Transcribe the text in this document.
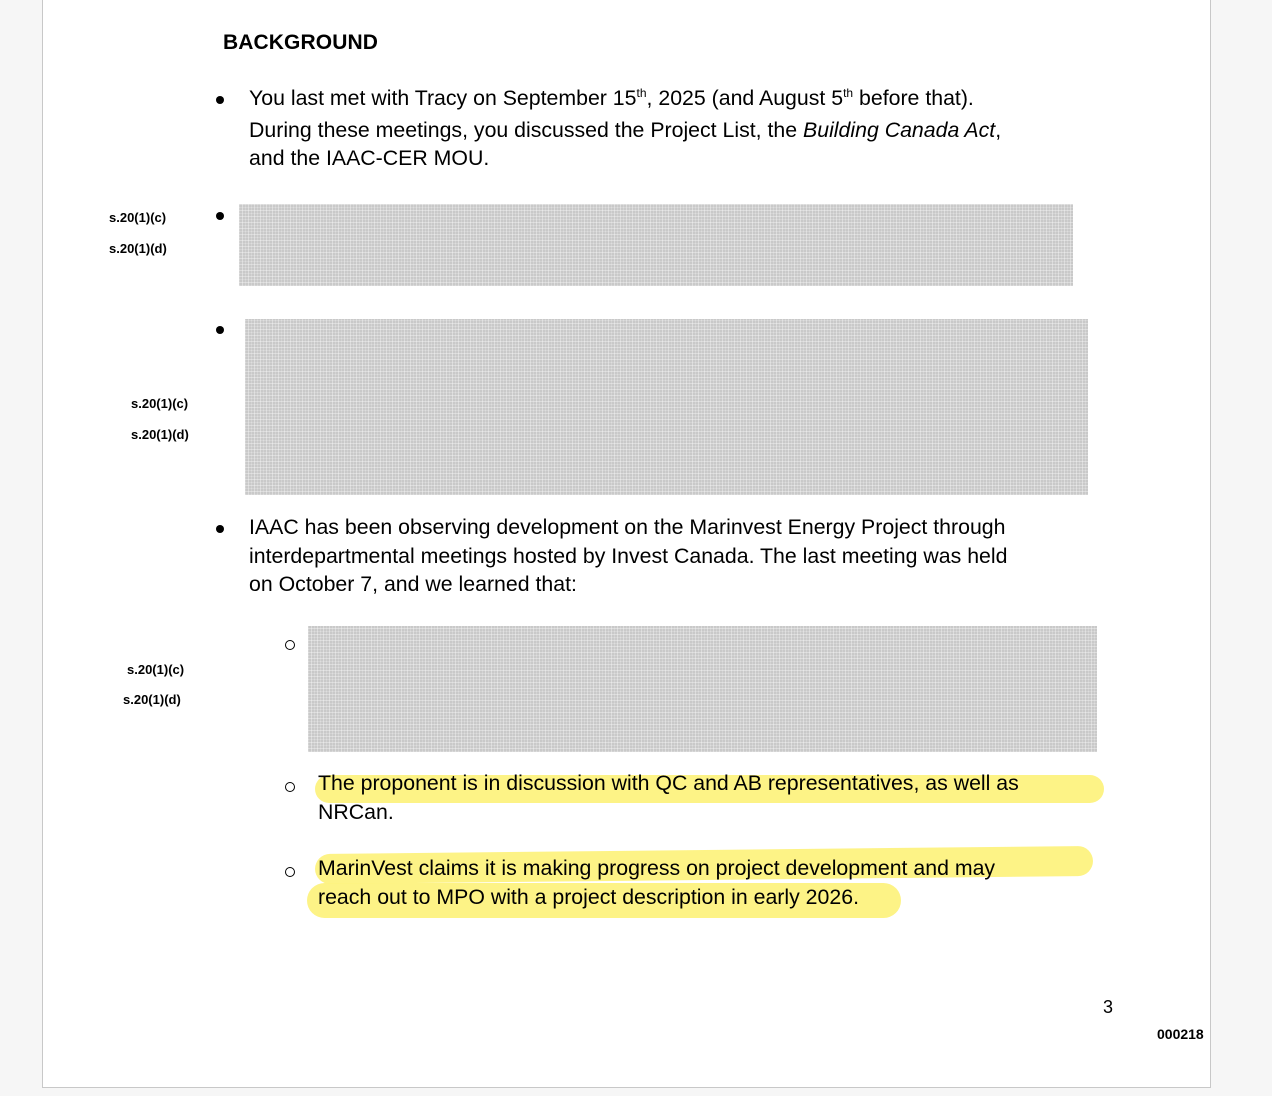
BACKGROUND
You last met with Tracy on September 15th, 2025 (and August 5th before that).
During these meetings, you discussed the Project List, the Building Canada Act,
and the IAAC-CER MOU.
s.20(1)(c)
s.20(1)(d)
s.20(1)(c)
s.20(1)(d)
IAAC has been observing development on the Marinvest Energy Project through
interdepartmental meetings hosted by Invest Canada. The last meeting was held
on October 7, and we learned that:
s.20(1)(c)
s.20(1)(d)
The proponent is in discussion with QC and AB representatives, as well as
NRCan.
MarinVest claims it is making progress on project development and may
reach out to MPO with a project description in early 2026.
3
000218
